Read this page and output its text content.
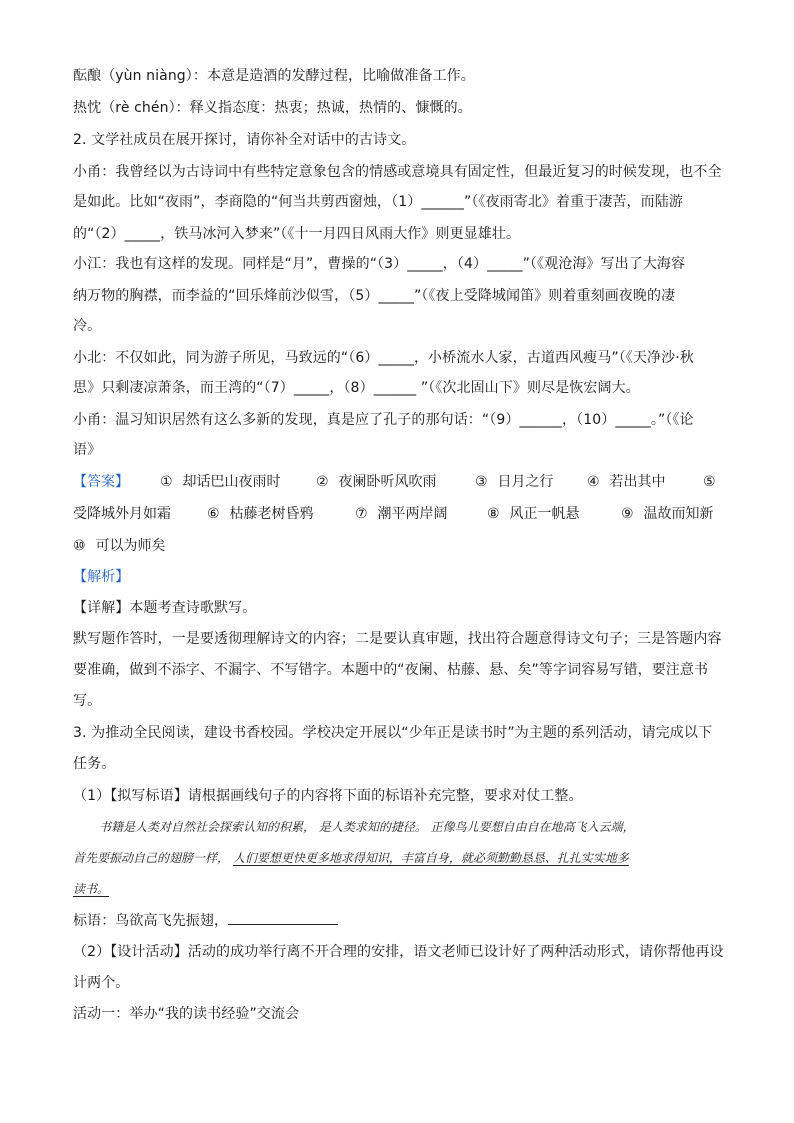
酝酿（yùn niàng）：本意是造酒的发酵过程，比喻做准备工作。
热忱（rè chén）：释义指态度：热衷；热诚，热情的、慷慨的。
2. 文学社成员在展开探讨，请你补全对话中的古诗文。
小甬：我曾经以为古诗词中有些特定意象包含的情感或意境具有固定性，但最近复习的时候发现，也不全
是如此。比如“夜雨”，李商隐的“何当共剪西窗烛，（1）______”（《夜雨寄北》着重于凄苦，而陆游
的“（2）_____，铁马冰河入梦来”（《十一月四日风雨大作》则更显雄壮。
小江：我也有这样的发现。同样是“月”，曹操的“（3）_____，（4）_____”（《观沧海》写出了大海容
纳万物的胸襟，而李益的“回乐烽前沙似雪，（5）_____”（《夜上受降城闻笛》则着重刻画夜晚的凄
冷。
小北：不仅如此，同为游子所见，马致远的“（6）_____，小桥流水人家，古道西风瘦马”（《天净沙·秋
思》只剩凄凉萧条，而王湾的“（7）_____，（8）______ ”（《次北固山下》则尽是恢宏阔大。
小甬：温习知识居然有这么多新的发现，真是应了孔子的那句话：“（9）______，（10）_____。”（《论
语》
【答案】 ① 却话巴山夜雨时	② 夜阑卧听风吹雨	③ 日月之行 ④ 若出其中	⑤
受降城外月如霜	⑥ 枯藤老树昏鸦	⑦ 潮平两岸阔	⑧ 风正一帆悬	⑨ 温故而知新
⑩ 可以为师矣
【解析】
【详解】本题考查诗歌默写。
默写题作答时，一是要透彻理解诗文的内容；二是要认真审题，找出符合题意得诗文句子；三是答题内容
要准确，做到不添字、不漏字、不写错字。本题中的“夜阑、枯藤、悬、矣”等字词容易写错，要注意书
写。
3. 为推动全民阅读，建设书香校园。学校决定开展以“少年正是读书时”为主题的系列活动，请完成以下
任务。
（1）【拟写标语】请根据画线句子的内容将下面的标语补充完整，要求对仗工整。
书籍是人类对自然社会探索认知的积累， 是人类求知的捷径。 正像鸟儿要想自由自在地高飞入云端，
首先要振动自己的翅膀一样， 人们要想更快更多地求得知识，丰富自身，就必须勤勤恳恳、扎扎实实地多
读书。
标语：鸟欲高飞先振翅，
（2）【设计活动】活动的成功举行离不开合理的安排，语文老师已设计好了两种活动形式，请你帮他再设
计两个。
活动一：举办“我的读书经验”交流会
